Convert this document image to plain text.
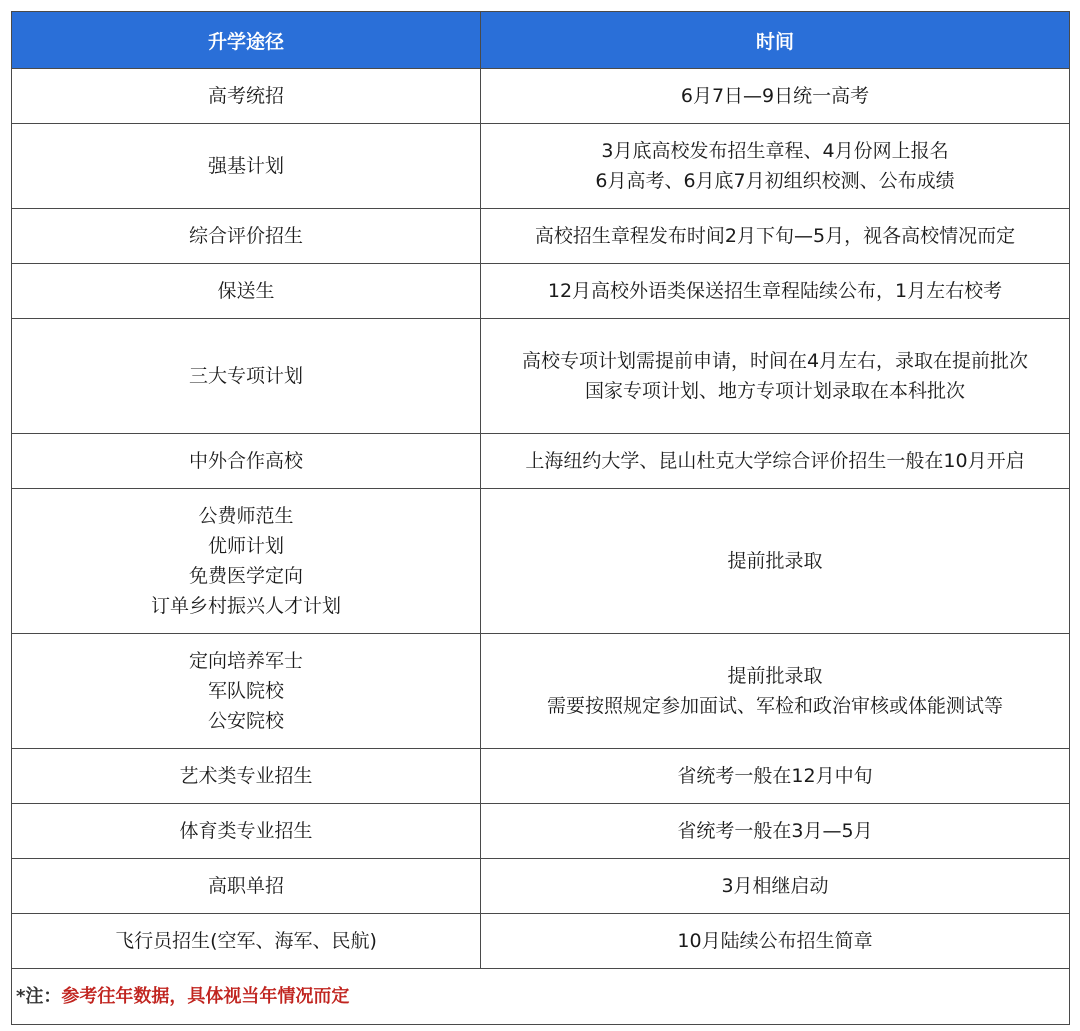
升学途径	时间

高考统招	6月7日—9日统一高考

强基计划	3月底高校发布招生章程、4月份网上报名
6月高考、6月底7月初组织校测、公布成绩

综合评价招生	高校招生章程发布时间2月下旬—5月，视各高校情况而定

保送生	12月高校外语类保送招生章程陆续公布，1月左右校考

三大专项计划	高校专项计划需提前申请，时间在4月左右，录取在提前批次
国家专项计划、地方专项计划录取在本科批次

中外合作高校	上海纽约大学、昆山杜克大学综合评价招生一般在10月开启

公费师范生
优师计划
免费医学定向
订单乡村振兴人才计划	提前批录取

定向培养军士
军队院校
公安院校	提前批录取
需要按照规定参加面试、军检和政治审核或体能测试等

艺术类专业招生	省统考一般在12月中旬

体育类专业招生	省统考一般在3月—5月

高职单招	3月相继启动

飞行员招生(空军、海军、民航)	10月陆续公布招生简章

*注：参考往年数据，具体视当年情况而定	
